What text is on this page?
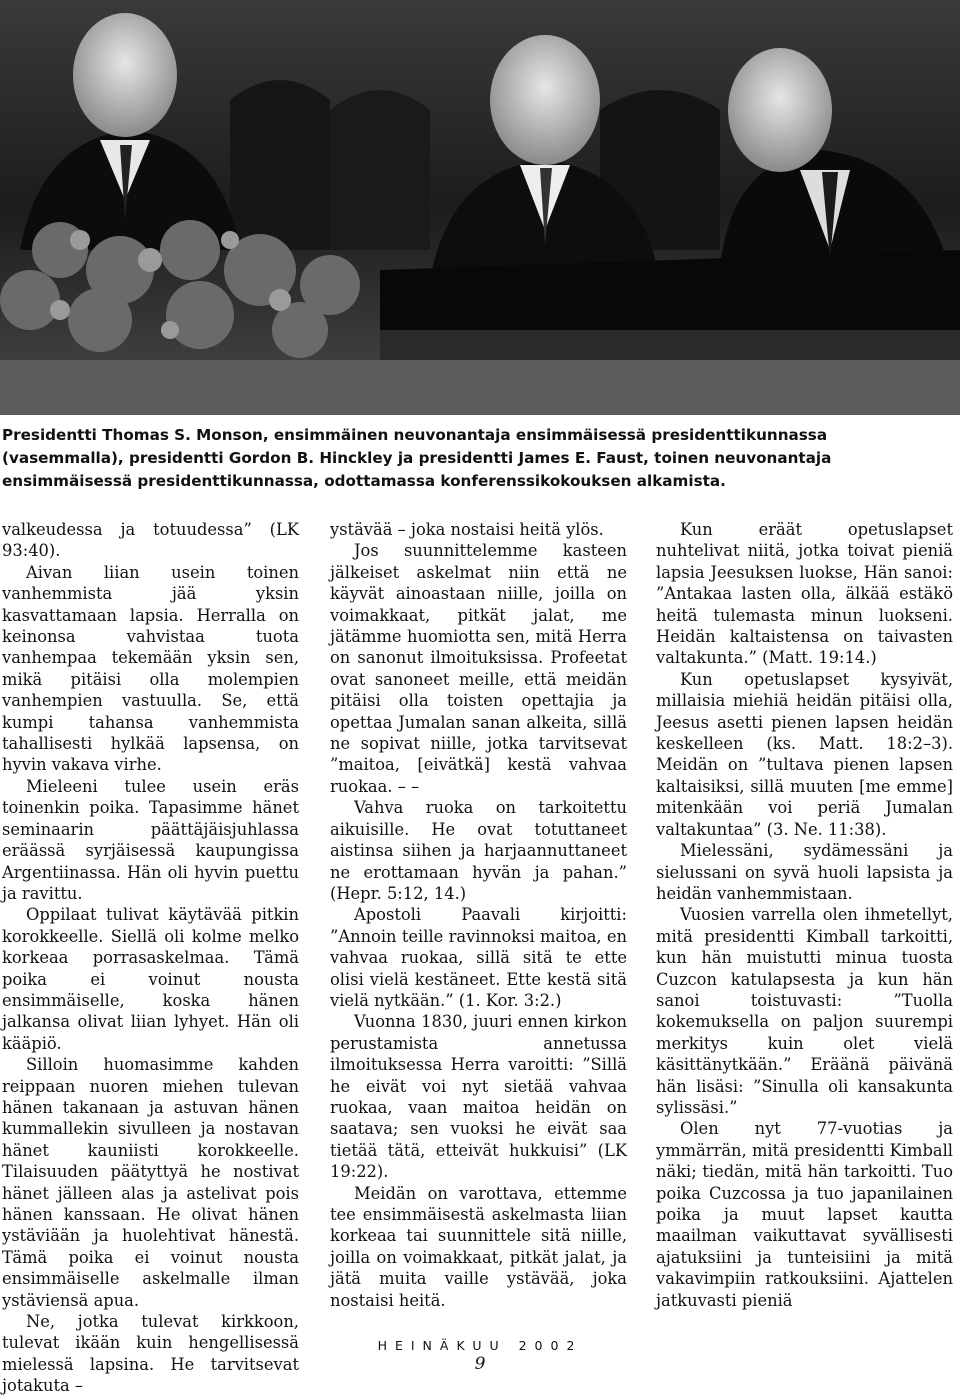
Presidentti Thomas S. Monson, ensimmäinen neuvonantaja ensimmäisessä presidenttikunnassa (vasemmalla), presidentti Gordon B. Hinckley ja presidentti James E. Faust, toinen neuvonantaja ensimmäisessä presidenttikunnassa, odottamassa konferenssikokouksen alkamista.

valkeudessa ja totuudessa” (LK 93:40).

Aivan liian usein toinen vanhemmista jää yksin kasvattamaan lapsia. Herralla on keinonsa vahvistaa tuota vanhempaa tekemään yksin sen, mikä pitäisi olla molempien vanhempien vastuulla. Se, että kumpi tahansa vanhemmista tahallisesti hylkää lapsensa, on hyvin vakava virhe.

Mieleeni tulee usein eräs toinenkin poika. Tapasimme hänet seminaarin päättäjäisjuhlassa eräässä syrjäisessä kaupungissa Argentiinassa. Hän oli hyvin puettu ja ravittu.

Oppilaat tulivat käytävää pitkin korokkeelle. Siellä oli kolme melko korkeaa porrasaskelmaa. Tämä poika ei voinut nousta ensimmäiselle, koska hänen jalkansa olivat liian lyhyet. Hän oli kääpiö.

Silloin huomasimme kahden reippaan nuoren miehen tulevan hänen takanaan ja astuvan hänen kummallekin sivulleen ja nostavan hänet kauniisti korokkeelle. Tilaisuuden päätyttyä he nostivat hänet jälleen alas ja astelivat pois hänen kanssaan. He olivat hänen ystäviään ja huolehtivat hänestä. Tämä poika ei voinut nousta ensimmäiselle askelmalle ilman ystäviensä apua.

Ne, jotka tulevat kirkkoon, tulevat ikään kuin hengellisessä mielessä lapsina. He tarvitsevat jotakuta –

ystävää – joka nostaisi heitä ylös.

Jos suunnittelemme kasteen jälkeiset askelmat niin että ne käyvät ainoastaan niille, joilla on voimakkaat, pitkät jalat, me jätämme huomiotta sen, mitä Herra on sanonut ilmoituksissa. Profeetat ovat sanoneet meille, että meidän pitäisi olla toisten opettajia ja opettaa Jumalan sanan alkeita, sillä ne sopivat niille, jotka tarvitsevat ”maitoa, [eivätkä] kestä vahvaa ruokaa. – –

Vahva ruoka on tarkoitettu aikuisille. He ovat totuttaneet aistinsa siihen ja harjaannuttaneet ne erottamaan hyvän ja pahan.” (Hepr. 5:12, 14.)

Apostoli Paavali kirjoitti: ”Annoin teille ravinnoksi maitoa, en vahvaa ruokaa, sillä sitä te ette olisi vielä kestäneet. Ette kestä sitä vielä nytkään.” (1. Kor. 3:2.)

Vuonna 1830, juuri ennen kirkon perustamista annetussa ilmoituksessa Herra varoitti: ”Sillä he eivät voi nyt sietää vahvaa ruokaa, vaan maitoa heidän on saatava; sen vuoksi he eivät saa tietää tätä, etteivät hukkuisi” (LK 19:22).

Meidän on varottava, ettemme tee ensimmäisestä askelmasta liian korkeaa tai suunnittele sitä niille, joilla on voimakkaat, pitkät jalat, ja jätä muita vaille ystävää, joka nostaisi heitä.

Kun eräät opetuslapset nuhtelivat niitä, jotka toivat pieniä lapsia Jeesuksen luokse, Hän sanoi: ”Antakaa lasten olla, älkää estäkö heitä tulemasta minun luokseni. Heidän kaltaistensa on taivasten valtakunta.” (Matt. 19:14.)

Kun opetuslapset kysyivät, millaisia miehiä heidän pitäisi olla, Jeesus asetti pienen lapsen heidän keskelleen (ks. Matt. 18:2–3). Meidän on ”tultava pienen lapsen kaltaisiksi, sillä muuten [me emme] mitenkään voi periä Jumalan valtakuntaa” (3. Ne. 11:38).

Mielessäni, sydämessäni ja sielussani on syvä huoli lapsista ja heidän vanhemmistaan.

Vuosien varrella olen ihmetellyt, mitä presidentti Kimball tarkoitti, kun hän muistutti minua tuosta Cuzcon katulapsesta ja kun hän sanoi toistuvasti: ”Tuolla kokemuksella on paljon suurempi merkitys kuin olet vielä käsittänytkään.” Eräänä päivänä hän lisäsi: ”Sinulla oli kansakunta sylissäsi.”

Olen nyt 77-vuotias ja ymmärrän, mitä presidentti Kimball näki; tiedän, mitä hän tarkoitti. Tuo poika Cuzcossa ja tuo japanilainen poika ja muut lapset kautta maailman vaikuttavat syvällisesti ajatuksiini ja tunteisiini ja mitä vakavimpiin ratkouksiini. Ajattelen jatkuvasti pieniä

HEINÄKUU 2002
9
